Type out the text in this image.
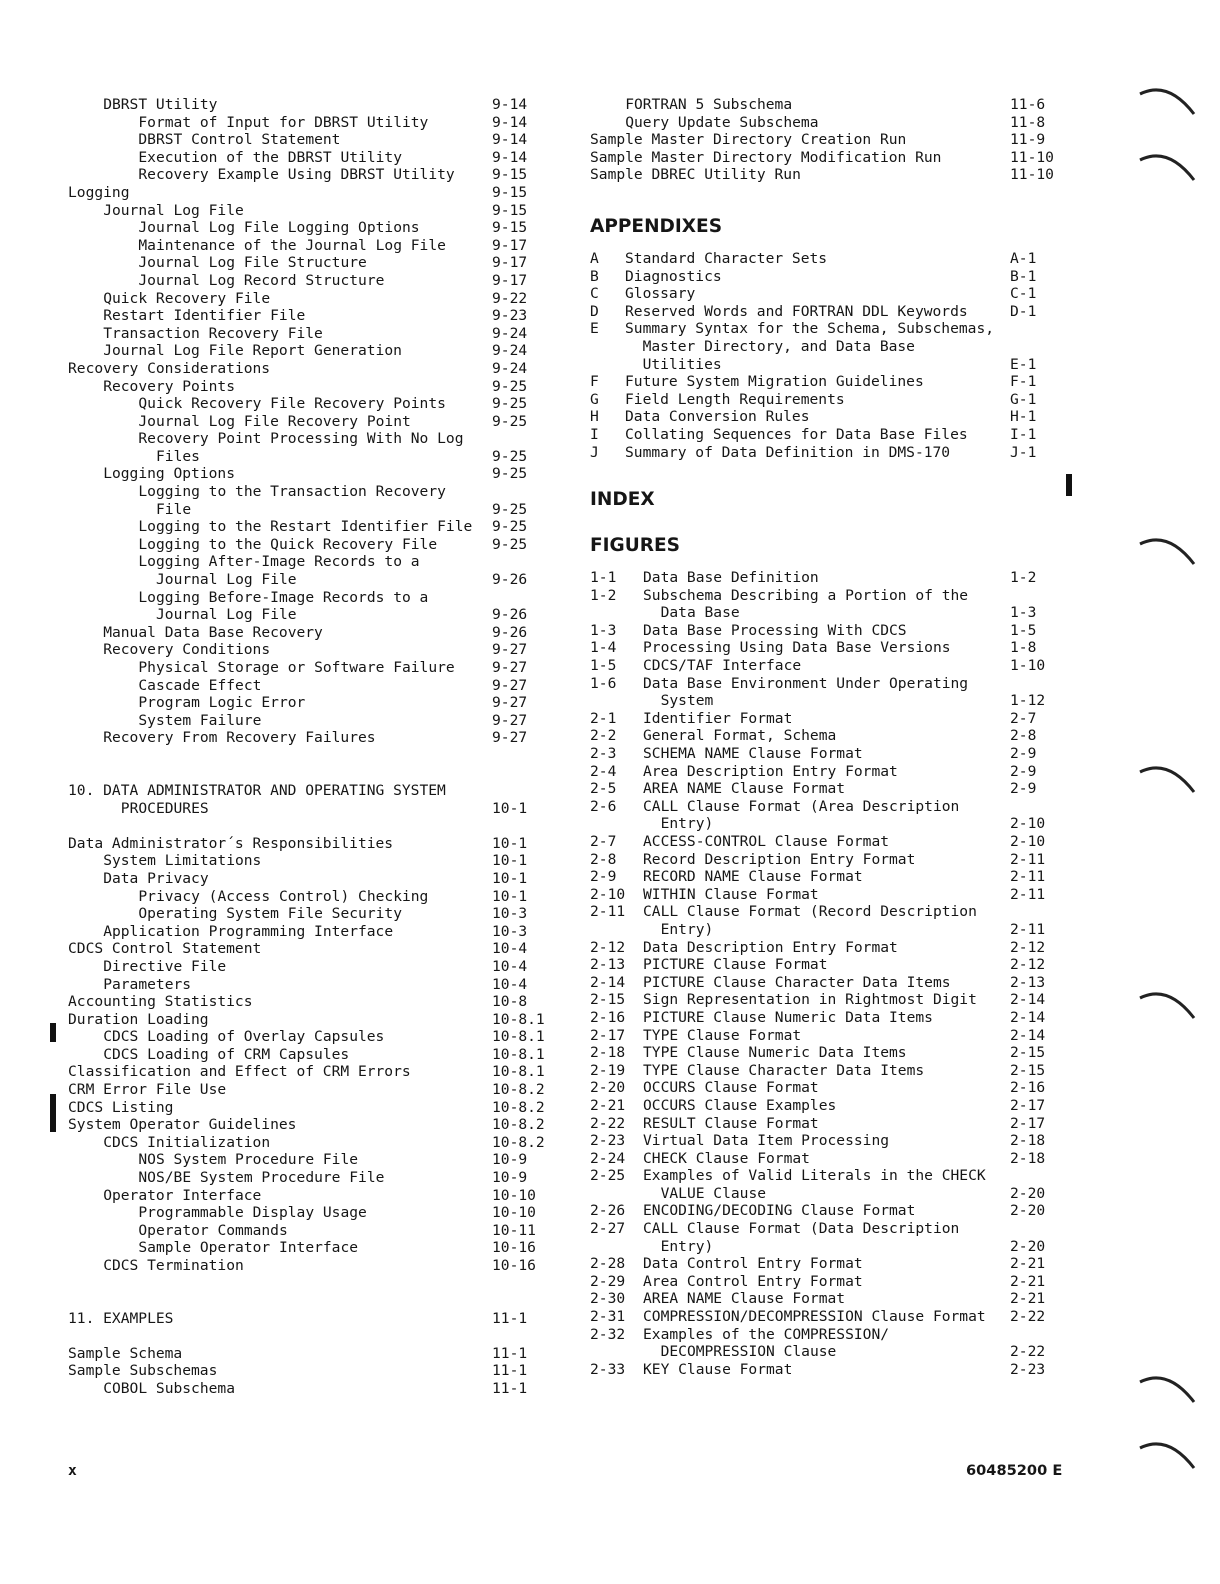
DBRST Utility	9-14
Format of Input for DBRST Utility	9-14
DBRST Control Statement	9-14
Execution of the DBRST Utility	9-14
Recovery Example Using DBRST Utility	9-15
Logging	9-15
Journal Log File	9-15
Journal Log File Logging Options	9-15
Maintenance of the Journal Log File	9-17
Journal Log File Structure	9-17
Journal Log Record Structure	9-17
Quick Recovery File	9-22
Restart Identifier File	9-23
Transaction Recovery File	9-24
Journal Log File Report Generation	9-24
Recovery Considerations	9-24
Recovery Points	9-25
Quick Recovery File Recovery Points	9-25
Journal Log File Recovery Point	9-25
Recovery Point Processing With No Log
Files	9-25
Logging Options	9-25
Logging to the Transaction Recovery
File	9-25
Logging to the Restart Identifier File 9-25
Logging to the Quick Recovery File	9-25
Logging After-Image Records to a
Journal Log File	9-26
Logging Before-Image Records to a
Journal Log File	9-26
Manual Data Base Recovery	9-26
Recovery Conditions	9-27
Physical Storage or Software Failure	9-27
Cascade Effect	9-27
Program Logic Error	9-27
System Failure	9-27
Recovery From Recovery Failures	9-27
10. DATA ADMINISTRATOR AND OPERATING SYSTEM
PROCEDURES	10-1
Data Administrator´s Responsibilities	10-1
System Limitations	10-1
Data Privacy	10-1
Privacy (Access Control) Checking	10-1
Operating System File Security	10-3
Application Programming Interface	10-3
CDCS Control Statement	10-4
Directive File	10-4
Parameters	10-4
Accounting Statistics	10-8
Duration Loading	10-8.1
CDCS Loading of Overlay Capsules	10-8.1
CDCS Loading of CRM Capsules	10-8.1
Classification and Effect of CRM Errors	10-8.1
CRM Error File Use	10-8.2
CDCS Listing	10-8.2
System Operator Guidelines	10-8.2
CDCS Initialization	10-8.2
NOS System Procedure File	10-9
NOS/BE System Procedure File	10-9
Operator Interface	10-10
Programmable Display Usage	10-10
Operator Commands	10-11
Sample Operator Interface	10-16
CDCS Termination	10-16
11. EXAMPLES	11-1
Sample Schema	11-1
Sample Subschemas	11-1
COBOL Subschema	11-1
FORTRAN 5 Subschema	11-6
Query Update Subschema	11-8
Sample Master Directory Creation Run	11-9
Sample Master Directory Modification Run	11-10
Sample DBREC Utility Run	11-10
APPENDIXES
A Standard Character Sets	A-1
B Diagnostics	B-1
C Glossary	C-1
D Reserved Words and FORTRAN DDL Keywords	D-1
E Summary Syntax for the Schema, Subschemas,
Master Directory, and Data Base
Utilities	E-1
F Future System Migration Guidelines	F-1
G Field Length Requirements	G-1
H Data Conversion Rules	H-1
I Collating Sequences for Data Base Files	I-1
J Summary of Data Definition in DMS-170	J-1
INDEX
FIGURES
1-1 Data Base Definition	1-2
1-2 Subschema Describing a Portion of the
Data Base	1-3
1-3 Data Base Processing With CDCS	1-5
1-4 Processing Using Data Base Versions	1-8
1-5 CDCS/TAF Interface	1-10
1-6 Data Base Environment Under Operating
System	1-12
2-1 Identifier Format	2-7
2-2 General Format, Schema	2-8
2-3 SCHEMA NAME Clause Format	2-9
2-4 Area Description Entry Format	2-9
2-5 AREA NAME Clause Format	2-9
2-6 CALL Clause Format (Area Description
Entry)	2-10
2-7 ACCESS-CONTROL Clause Format	2-10
2-8 Record Description Entry Format	2-11
2-9 RECORD NAME Clause Format	2-11
2-10 WITHIN Clause Format	2-11
2-11 CALL Clause Format (Record Description
Entry)	2-11
2-12 Data Description Entry Format	2-12
2-13 PICTURE Clause Format	2-12
2-14 PICTURE Clause Character Data Items	2-13
2-15 Sign Representation in Rightmost Digit 2-14
2-16 PICTURE Clause Numeric Data Items	2-14
2-17 TYPE Clause Format	2-14
2-18 TYPE Clause Numeric Data Items	2-15
2-19 TYPE Clause Character Data Items	2-15
2-20 OCCURS Clause Format	2-16
2-21 OCCURS Clause Examples	2-17
2-22 RESULT Clause Format	2-17
2-23 Virtual Data Item Processing	2-18
2-24 CHECK Clause Format	2-18
2-25 Examples of Valid Literals in the CHECK
VALUE Clause	2-20
2-26 ENCODING/DECODING Clause Format	2-20
2-27 CALL Clause Format (Data Description
Entry)	2-20
2-28 Data Control Entry Format	2-21
2-29 Area Control Entry Format	2-21
2-30 AREA NAME Clause Format	2-21
2-31 COMPRESSION/DECOMPRESSION Clause Format 2-22
2-32 Examples of the COMPRESSION/
DECOMPRESSION Clause	2-22
2-33 KEY Clause Format	2-23
x	60485200 E
